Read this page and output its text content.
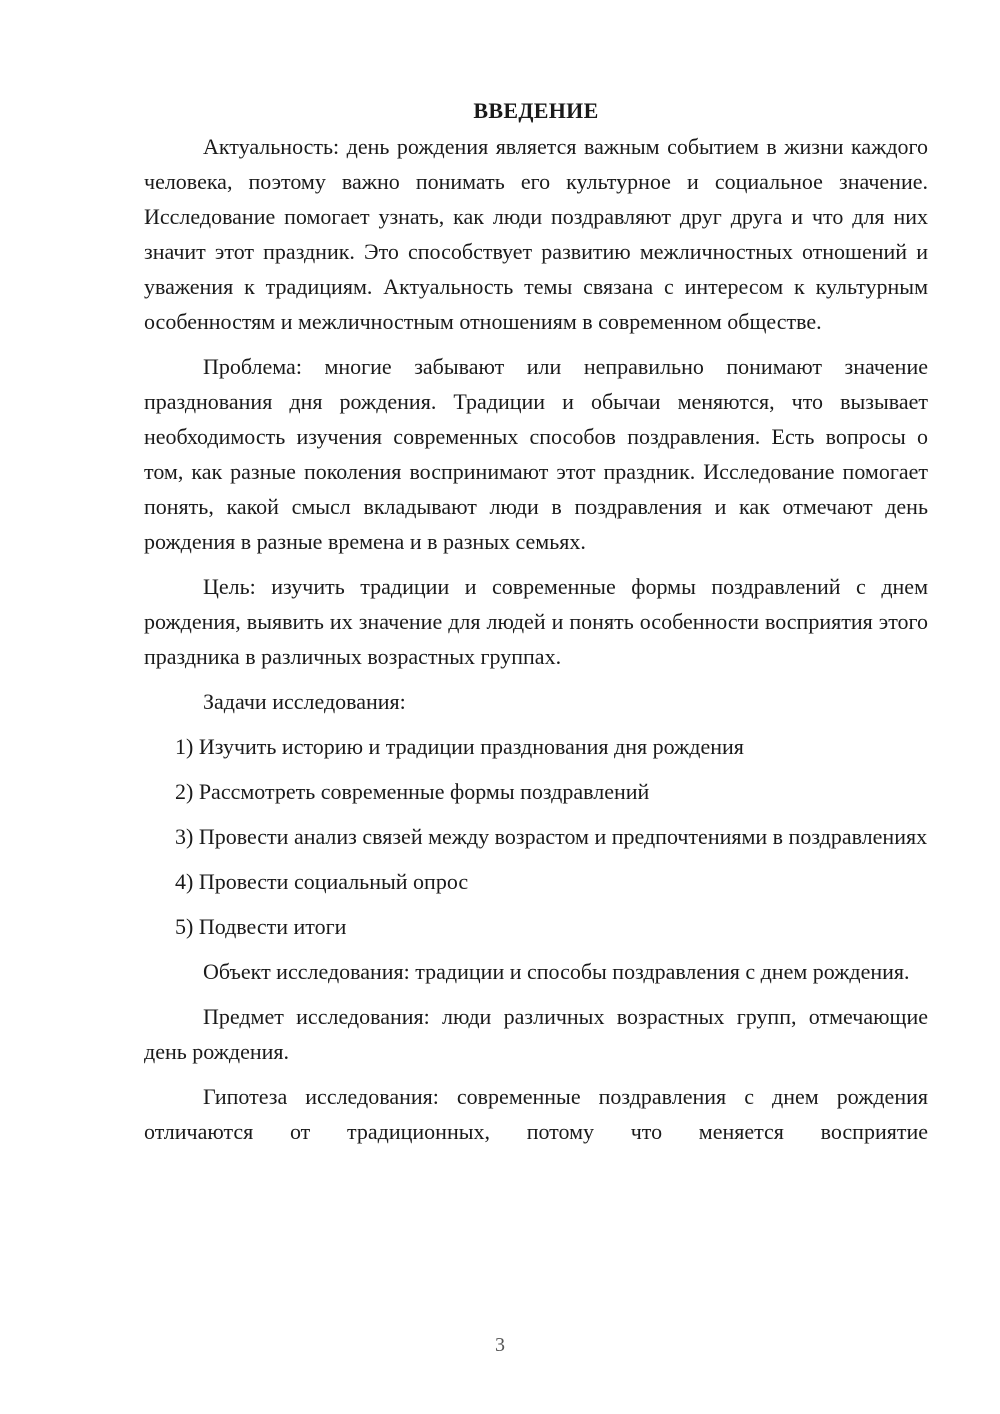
ВВЕДЕНИЕ

Актуальность: день рождения является важным событием в жизни каждого человека, поэтому важно понимать его культурное и социальное значение. Исследование помогает узнать, как люди поздравляют друг друга и что для них значит этот праздник. Это способствует развитию межличностных отношений и уважения к традициям. Актуальность темы связана с интересом к культурным особенностям и межличностным отношениям в современном обществе.

Проблема: многие забывают или неправильно понимают значение празднования дня рождения. Традиции и обычаи меняются, что вызывает необходимость изучения современных способов поздравления. Есть вопросы о том, как разные поколения воспринимают этот праздник. Исследование помогает понять, какой смысл вкладывают люди в поздравления и как отмечают день рождения в разные времена и в разных семьях.

Цель: изучить традиции и современные формы поздравлений с днем рождения, выявить их значение для людей и понять особенности восприятия этого праздника в различных возрастных группах.

Задачи исследования:

1) Изучить историю и традиции празднования дня рождения

2) Рассмотреть современные формы поздравлений

3) Провести анализ связей между возрастом и предпочтениями в поздравлениях

4) Провести социальный опрос

5) Подвести итоги

Объект исследования: традиции и способы поздравления с днем рождения.

Предмет исследования: люди различных возрастных групп, отмечающие день рождения.

Гипотеза исследования: современные поздравления с днем рождения отличаются от традиционных, потому что меняется восприятие

3
